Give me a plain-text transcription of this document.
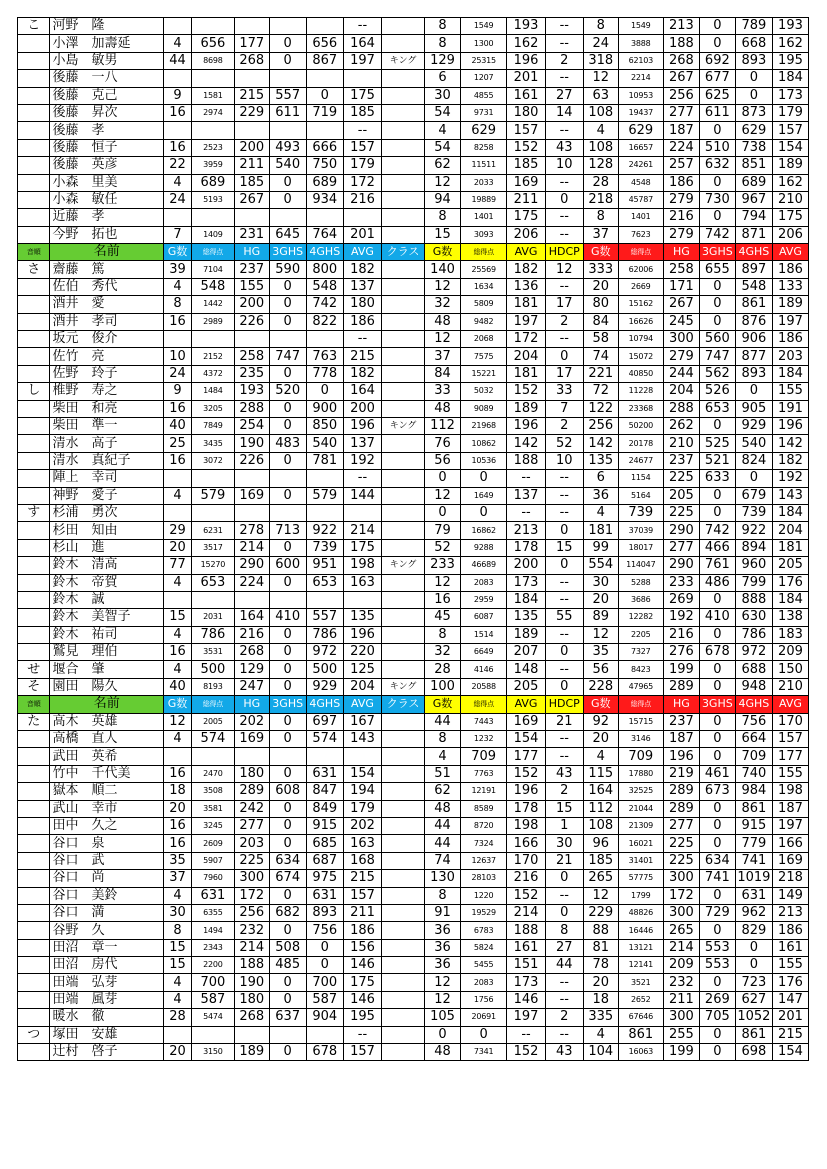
こ	河野　隆						--		8	1549	193	--	8	1549	213	0	789	193
	小澤　加壽延	4	656	177	0	656	164		8	1300	162	--	24	3888	188	0	668	162
	小島　敏男	44	8698	268	0	867	197	キング	129	25315	196	2	318	62103	268	692	893	195
	後藤　一八								6	1207	201	--	12	2214	267	677	0	184
	後藤　克己	9	1581	215	557	0	175		30	4855	161	27	63	10953	256	625	0	173
	後藤　昇次	16	2974	229	611	719	185		54	9731	180	14	108	19437	277	611	873	179
	後藤　孝						--		4	629	157	--	4	629	187	0	629	157
	後藤　恒子	16	2523	200	493	666	157		54	8258	152	43	108	16657	224	510	738	154
	後藤　英彦	22	3959	211	540	750	179		62	11511	185	10	128	24261	257	632	851	189
	小森　里美	4	689	185	0	689	172		12	2033	169	--	28	4548	186	0	689	162
	小森　敏任	24	5193	267	0	934	216		94	19889	211	0	218	45787	279	730	967	210
	近藤　孝								8	1401	175	--	8	1401	216	0	794	175
	今野　拓也	7	1409	231	645	764	201		15	3093	206	--	37	7623	279	742	871	206
音順	名前	G数	総得点	HG	3GHS	4GHS	AVG	クラス	G数	総得点	AVG	HDCP	G数	総得点	HG	3GHS	4GHS	AVG
さ	齋藤　篤	39	7104	237	590	800	182		140	25569	182	12	333	62006	258	655	897	186
	佐伯　秀代	4	548	155	0	548	137		12	1634	136	--	20	2669	171	0	548	133
	酒井　愛	8	1442	200	0	742	180		32	5809	181	17	80	15162	267	0	861	189
	酒井　孝司	16	2989	226	0	822	186		48	9482	197	2	84	16626	245	0	876	197
	坂元　俊介						--		12	2068	172	--	58	10794	300	560	906	186
	佐竹　亮	10	2152	258	747	763	215		37	7575	204	0	74	15072	279	747	877	203
	佐野　玲子	24	4372	235	0	778	182		84	15221	181	17	221	40850	244	562	893	184
し	椎野　寿之	9	1484	193	520	0	164		33	5032	152	33	72	11228	204	526	0	155
	柴田　和亮	16	3205	288	0	900	200		48	9089	189	7	122	23368	288	653	905	191
	柴田　準一	40	7849	254	0	850	196	キング	112	21968	196	2	256	50200	262	0	929	196
	清水　高子	25	3435	190	483	540	137		76	10862	142	52	142	20178	210	525	540	142
	清水　真紀子	16	3072	226	0	781	192		56	10536	188	10	135	24677	237	521	824	182
	陣上　幸司						--		0	0	--	--	6	1154	225	633	0	192
	神野　愛子	4	579	169	0	579	144		12	1649	137	--	36	5164	205	0	679	143
す	杉浦　勇次								0	0	--	--	4	739	225	0	739	184
	杉田　知由	29	6231	278	713	922	214		79	16862	213	0	181	37039	290	742	922	204
	杉山　進	20	3517	214	0	739	175		52	9288	178	15	99	18017	277	466	894	181
	鈴木　清高	77	15270	290	600	951	198	キング	233	46689	200	0	554	114047	290	761	960	205
	鈴木　帝賀	4	653	224	0	653	163		12	2083	173	--	30	5288	233	486	799	176
	鈴木　誠								16	2959	184	--	20	3686	269	0	888	184
	鈴木　美智子	15	2031	164	410	557	135		45	6087	135	55	89	12282	192	410	630	138
	鈴木　祐司	4	786	216	0	786	196		8	1514	189	--	12	2205	216	0	786	183
	鷲見　理伯	16	3531	268	0	972	220		32	6649	207	0	35	7327	276	678	972	209
せ	堰合　肇	4	500	129	0	500	125		28	4146	148	--	56	8423	199	0	688	150
そ	園田　陽久	40	8193	247	0	929	204	キング	100	20588	205	0	228	47965	289	0	948	210
音順	名前	G数	総得点	HG	3GHS	4GHS	AVG	クラス	G数	総得点	AVG	HDCP	G数	総得点	HG	3GHS	4GHS	AVG
た	高木　英雄	12	2005	202	0	697	167		44	7443	169	21	92	15715	237	0	756	170
	高橋　直人	4	574	169	0	574	143		8	1232	154	--	20	3146	187	0	664	157
	武田　英希								4	709	177	--	4	709	196	0	709	177
	竹中　千代美	16	2470	180	0	631	154		51	7763	152	43	115	17880	219	461	740	155
	嶽本　順二	18	3508	289	608	847	194		62	12191	196	2	164	32525	289	673	984	198
	武山　幸市	20	3581	242	0	849	179		48	8589	178	15	112	21044	289	0	861	187
	田中　久之	16	3245	277	0	915	202		44	8720	198	1	108	21309	277	0	915	197
	谷口　泉	16	2609	203	0	685	163		44	7324	166	30	96	16021	225	0	779	166
	谷口　武	35	5907	225	634	687	168		74	12637	170	21	185	31401	225	634	741	169
	谷口　尚	37	7960	300	674	975	215		130	28103	216	0	265	57775	300	741	1019	218
	谷口　美鈴	4	631	172	0	631	157		8	1220	152	--	12	1799	172	0	631	149
	谷口　満	30	6355	256	682	893	211		91	19529	214	0	229	48826	300	729	962	213
	谷野　久	8	1494	232	0	756	186		36	6783	188	8	88	16446	265	0	829	186
	田沼　章一	15	2343	214	508	0	156		36	5824	161	27	81	13121	214	553	0	161
	田沼　房代	15	2200	188	485	0	146		36	5455	151	44	78	12141	209	553	0	155
	田端　弘芽	4	700	190	0	700	175		12	2083	173	--	20	3521	232	0	723	176
	田端　風芽	4	587	180	0	587	146		12	1756	146	--	18	2652	211	269	627	147
	暖水　徹	28	5474	268	637	904	195		105	20691	197	2	335	67646	300	705	1052	201
つ	塚田　安雄						--		0	0	--	--	4	861	255	0	861	215
	辻村　啓子	20	3150	189	0	678	157		48	7341	152	43	104	16063	199	0	698	154
